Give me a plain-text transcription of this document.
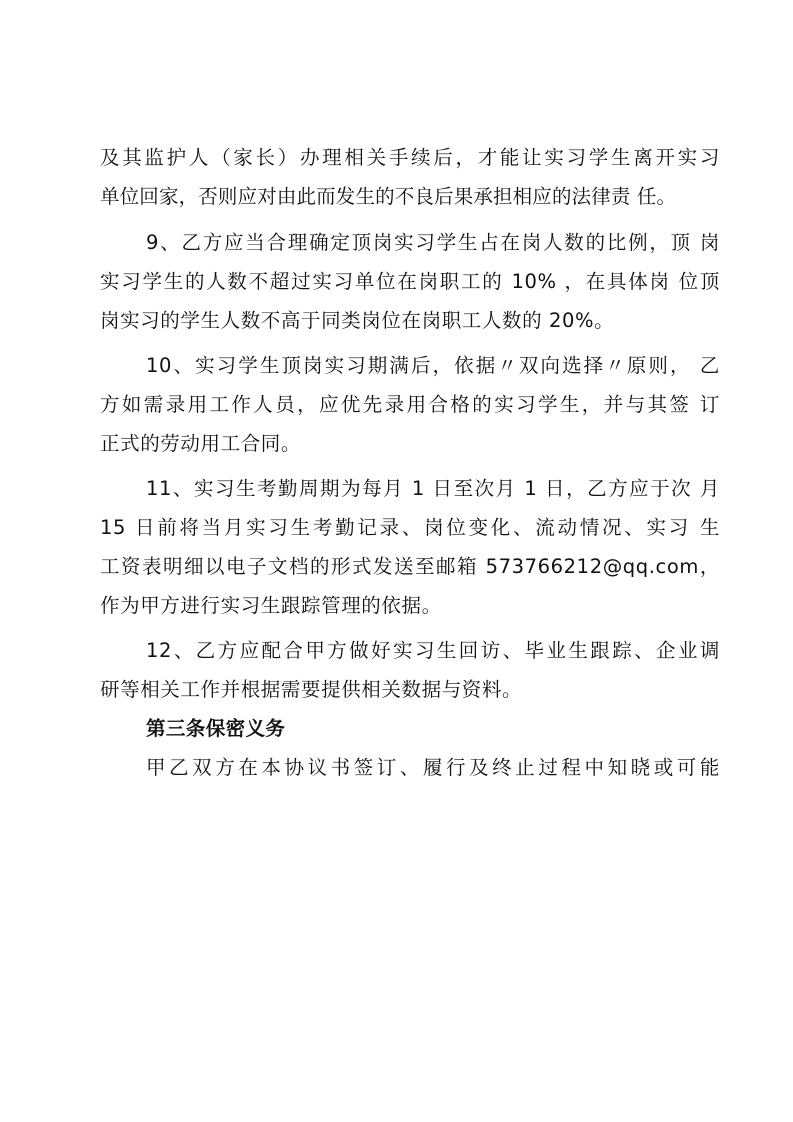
及其监护人（家长）办理相关手续后，才能让实习学生离开实习
单位回家，否则应对由此而发生的不良后果承担相应的法律责 任。
9、乙方应当合理确定顶岗实习学生占在岗人数的比例，顶 岗
实习学生的人数不超过实习单位在岗职工的 10% ，在具体岗 位顶
岗实习的学生人数不高于同类岗位在岗职工人数的 20%。
10、实习学生顶岗实习期满后，依据〃双向选择〃原则， 乙
方如需录用工作人员，应优先录用合格的实习学生，并与其签 订
正式的劳动用工合同。
11、实习生考勤周期为每月 1 日至次月 1 日，乙方应于次 月
15 日前将当月实习生考勤记录、岗位变化、流动情况、实习 生
工资表明细以电子文档的形式发送至邮箱 573766212@qq.com，
作为甲方进行实习生跟踪管理的依据。
12、乙方应配合甲方做好实习生回访、毕业生跟踪、企业调
研等相关工作并根据需要提供相关数据与资料。
第三条保密义务
甲乙双方在本协议书签订、履行及终止过程中知晓或可能
